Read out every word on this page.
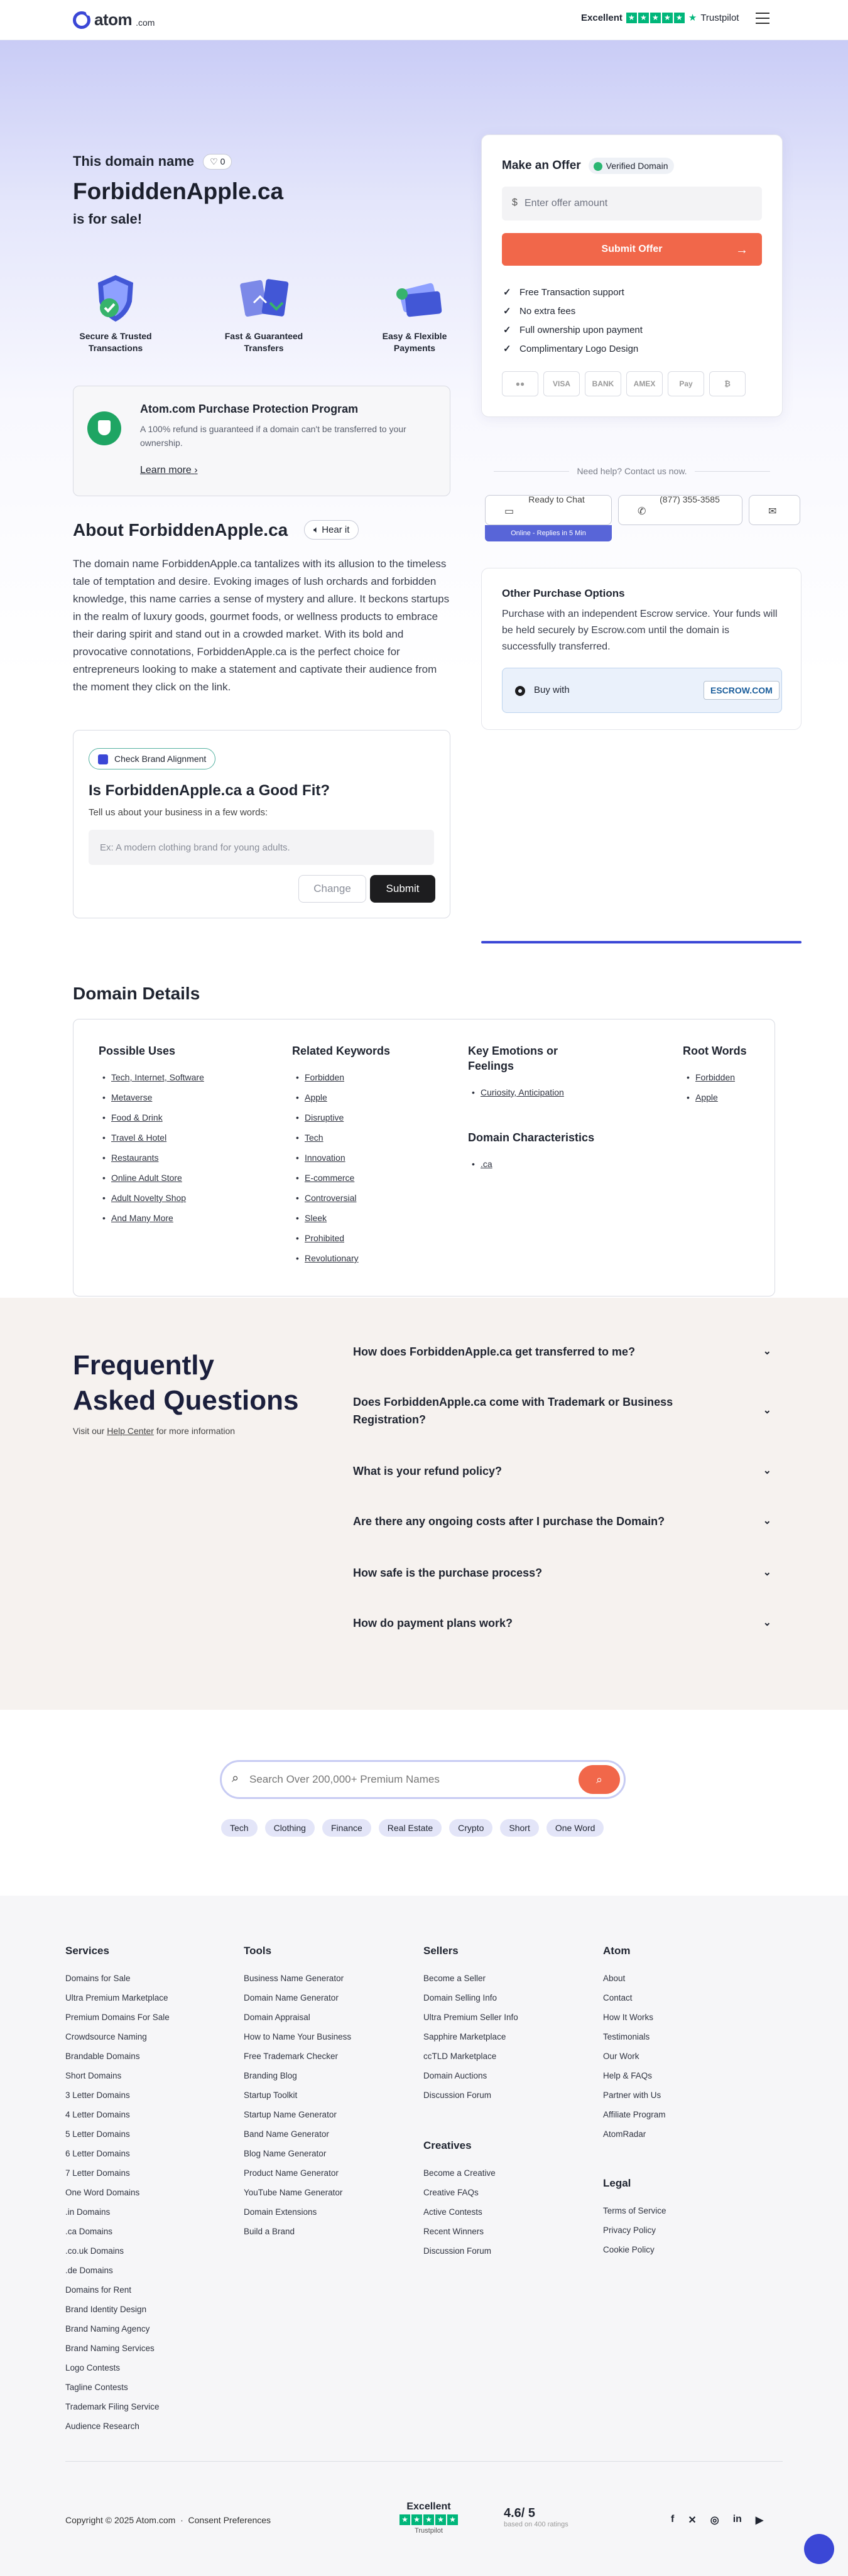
atom .com	Excellent ★ ★ ★ ★ ★ ★ Trustpilot
This domain name	♡ 0
ForbiddenApple.ca
is for sale!
Secure & Trusted Transactions
Fast & Guaranteed Transfers
Easy & Flexible Payments
Atom.com Purchase Protection Program
A 100% refund is guaranteed if a domain can't be transferred to your ownership.
Learn more ›
About ForbiddenApple.ca	🔈︎ Hear it

The domain name ForbiddenApple.ca tantalizes with its allusion to the timeless tale of temptation and desire. Evoking images of lush orchards and forbidden knowledge, this name carries a sense of mystery and allure. It beckons startups in the realm of luxury goods, gourmet foods, or wellness products to embrace their daring spirit and stand out in a crowded market. With its bold and provocative connotations, ForbiddenApple.ca is the perfect choice for entrepreneurs looking to make a statement and captivate their audience from the moment they click on the link.

Check Brand Alignment
Is ForbiddenApple.ca a Good Fit?
Tell us about your business in a few words:
Ex: A modern clothing brand for young adults.
Change	Submit
Make an Offer	Verified Domain
Enter offer amount
$
Submit Offer	→
✓ Free Transaction support
✓ No extra fees
✓ Full ownership upon payment
✓ Complimentary Logo Design
●●	VISA	BANK	AMEX	Pay	₿
Need help? Contact us now.
▭
Ready to Chat
✆
(877) 355-3585
✉
Online - Replies in 5 Min
Other Purchase Options
Purchase with an independent Escrow service. Your funds will be held securely by Escrow.com until the domain is successfully transferred.
Buy with	ESCROW.COM
Domain Details
Possible Uses
• Tech, Internet, Software
• Metaverse
• Food & Drink
• Travel & Hotel
• Restaurants
• Online Adult Store
• Adult Novelty Shop
• And Many More
Related Keywords
• Forbidden
• Apple
• Disruptive
• Tech
• Innovation
• E-commerce
• Controversial
• Sleek
• Prohibited
• Revolutionary
Key Emotions or Feelings
• Curiosity, Anticipation
Domain Characteristics
• .ca
Root Words
• Forbidden
• Apple
Frequently
Asked Questions
Visit our Help Center for more information
How does ForbiddenApple.ca get transferred to me?	⌄
Does ForbiddenApple.ca come with Trademark or Business Registration?
⌄
What is your refund policy?	⌄
Are there any ongoing costs after I purchase the Domain?	⌄
How safe is the purchase process?	⌄
How do payment plans work?	⌄
⌕
Search Over 200,000+ Premium Names	⌕
Tech	Clothing	Finance	Real Estate	Crypto	Short	One Word
Services
Domains for Sale
Ultra Premium Marketplace
Premium Domains For Sale
Crowdsource Naming
Brandable Domains
Short Domains
3 Letter Domains
4 Letter Domains
5 Letter Domains
6 Letter Domains
7 Letter Domains
One Word Domains
.in Domains
.ca Domains
.co.uk Domains
.de Domains
Domains for Rent
Brand Identity Design
Brand Naming Agency
Brand Naming Services
Logo Contests
Tagline Contests
Trademark Filing Service
Audience Research
Tools
Business Name Generator
Domain Name Generator
Domain Appraisal
How to Name Your Business
Free Trademark Checker
Branding Blog
Startup Toolkit
Startup Name Generator
Band Name Generator
Blog Name Generator
Product Name Generator
YouTube Name Generator
Domain Extensions
Build a Brand
Sellers
Become a Seller
Domain Selling Info
Ultra Premium Seller Info
Sapphire Marketplace
ccTLD Marketplace
Domain Auctions
Discussion Forum
Creatives
Become a Creative
Creative FAQs
Active Contests
Recent Winners
Discussion Forum
Atom
About
Contact
How It Works
Testimonials
Our Work
Help & FAQs
Partner with Us
Affiliate Program
AtomRadar
Legal
Terms of Service
Privacy Policy
Cookie Policy
Copyright © 2025 Atom.com  ·  Consent Preferences
Excellent
★ ★ ★ ★ ★
Trustpilot
4.6/ 5
based on 400 ratings	f ✕ ◎ in ▶
